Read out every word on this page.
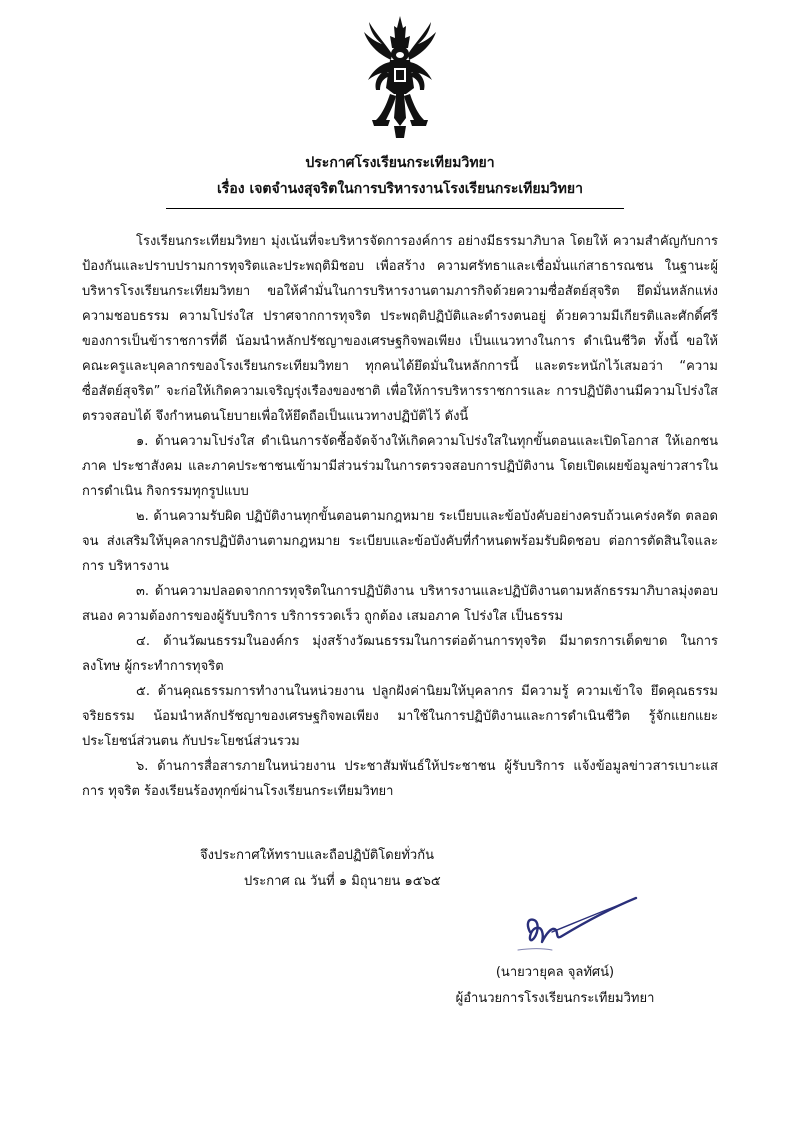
ประกาศโรงเรียนกระเทียมวิทยา
เรื่อง เจตจำนงสุจริตในการบริหารงานโรงเรียนกระเทียมวิทยา

โรงเรียนกระเทียมวิทยา มุ่งเน้นที่จะบริหารจัดการองค์การ อย่างมีธรรมาภิบาล โดยให้ ความสำคัญกับการป้องกันและปราบปรามการทุจริตและประพฤติมิชอบ เพื่อสร้าง ความศรัทธาและเชื่อมั่นแก่สาธารณชน ในฐานะผู้บริหารโรงเรียนกระเทียมวิทยา ขอให้คำมั่นในการบริหารงานตามภารกิจด้วยความซื่อสัตย์สุจริต ยึดมั่นหลักแห่งความชอบธรรม ความโปร่งใส ปราศจากการทุจริต ประพฤติปฏิบัติและดำรงตนอยู่ ด้วยความมีเกียรติและศักดิ์ศรีของการเป็นข้าราชการที่ดี น้อมนำหลักปรัชญาของเศรษฐกิจพอเพียง เป็นแนวทางในการ ดำเนินชีวิต ทั้งนี้ ขอให้คณะครูและบุคลากรของโรงเรียนกระเทียมวิทยา ทุกคนได้ยึดมั่นในหลักการนี้ และตระหนักไว้เสมอว่า “ความซื่อสัตย์สุจริต” จะก่อให้เกิดความเจริญรุ่งเรืองของชาติ เพื่อให้การบริหารราชการและ การปฏิบัติงานมีความโปร่งใส ตรวจสอบได้ จึงกำหนดนโยบายเพื่อให้ยึดถือเป็นแนวทางปฏิบัติไว้ ดังนี้

๑. ด้านความโปร่งใส ดำเนินการจัดซื้อจัดจ้างให้เกิดความโปร่งใสในทุกขั้นตอนและเปิดโอกาส ให้เอกชน ภาค ประชาสังคม และภาคประชาชนเข้ามามีส่วนร่วมในการตรวจสอบการปฏิบัติงาน โดยเปิดเผยข้อมูลข่าวสารในการดำเนิน กิจกรรมทุกรูปแบบ

๒. ด้านความรับผิด ปฏิบัติงานทุกขั้นตอนตามกฎหมาย ระเบียบและข้อบังคับอย่างครบถ้วนเคร่งครัด ตลอดจน ส่งเสริมให้บุคลากรปฏิบัติงานตามกฎหมาย ระเบียบและข้อบังคับที่กำหนดพร้อมรับผิดชอบ ต่อการตัดสินใจและการ บริหารงาน

๓. ด้านความปลอดจากการทุจริตในการปฏิบัติงาน บริหารงานและปฏิบัติงานตามหลักธรรมาภิบาลมุ่งตอบสนอง ความต้องการของผู้รับบริการ บริการรวดเร็ว ถูกต้อง เสมอภาค โปร่งใส เป็นธรรม

๔. ด้านวัฒนธรรมในองค์กร มุ่งสร้างวัฒนธรรมในการต่อต้านการทุจริต มีมาตรการเด็ดขาด ในการลงโทษ ผู้กระทำการทุจริต

๕. ด้านคุณธรรมการทำงานในหน่วยงาน ปลูกฝังค่านิยมให้บุคลากร มีความรู้ ความเข้าใจ ยึดคุณธรรม จริยธรรม น้อมนำหลักปรัชญาของเศรษฐกิจพอเพียง มาใช้ในการปฏิบัติงานและการดำเนินชีวิต รู้จักแยกแยะประโยชน์ส่วนตน กับประโยชน์ส่วนรวม

๖. ด้านการสื่อสารภายในหน่วยงาน ประชาสัมพันธ์ให้ประชาชน ผู้รับบริการ แจ้งข้อมูลข่าวสารเบาะแสการ ทุจริต ร้องเรียนร้องทุกข์ผ่านโรงเรียนกระเทียมวิทยา

จึงประกาศให้ทราบและถือปฏิบัติโดยทั่วกัน
ประกาศ ณ วันที่ ๑ มิถุนายน ๑๕๖๕
(นายวายุคล จุลทัศน์)
ผู้อำนวยการโรงเรียนกระเทียมวิทยา
